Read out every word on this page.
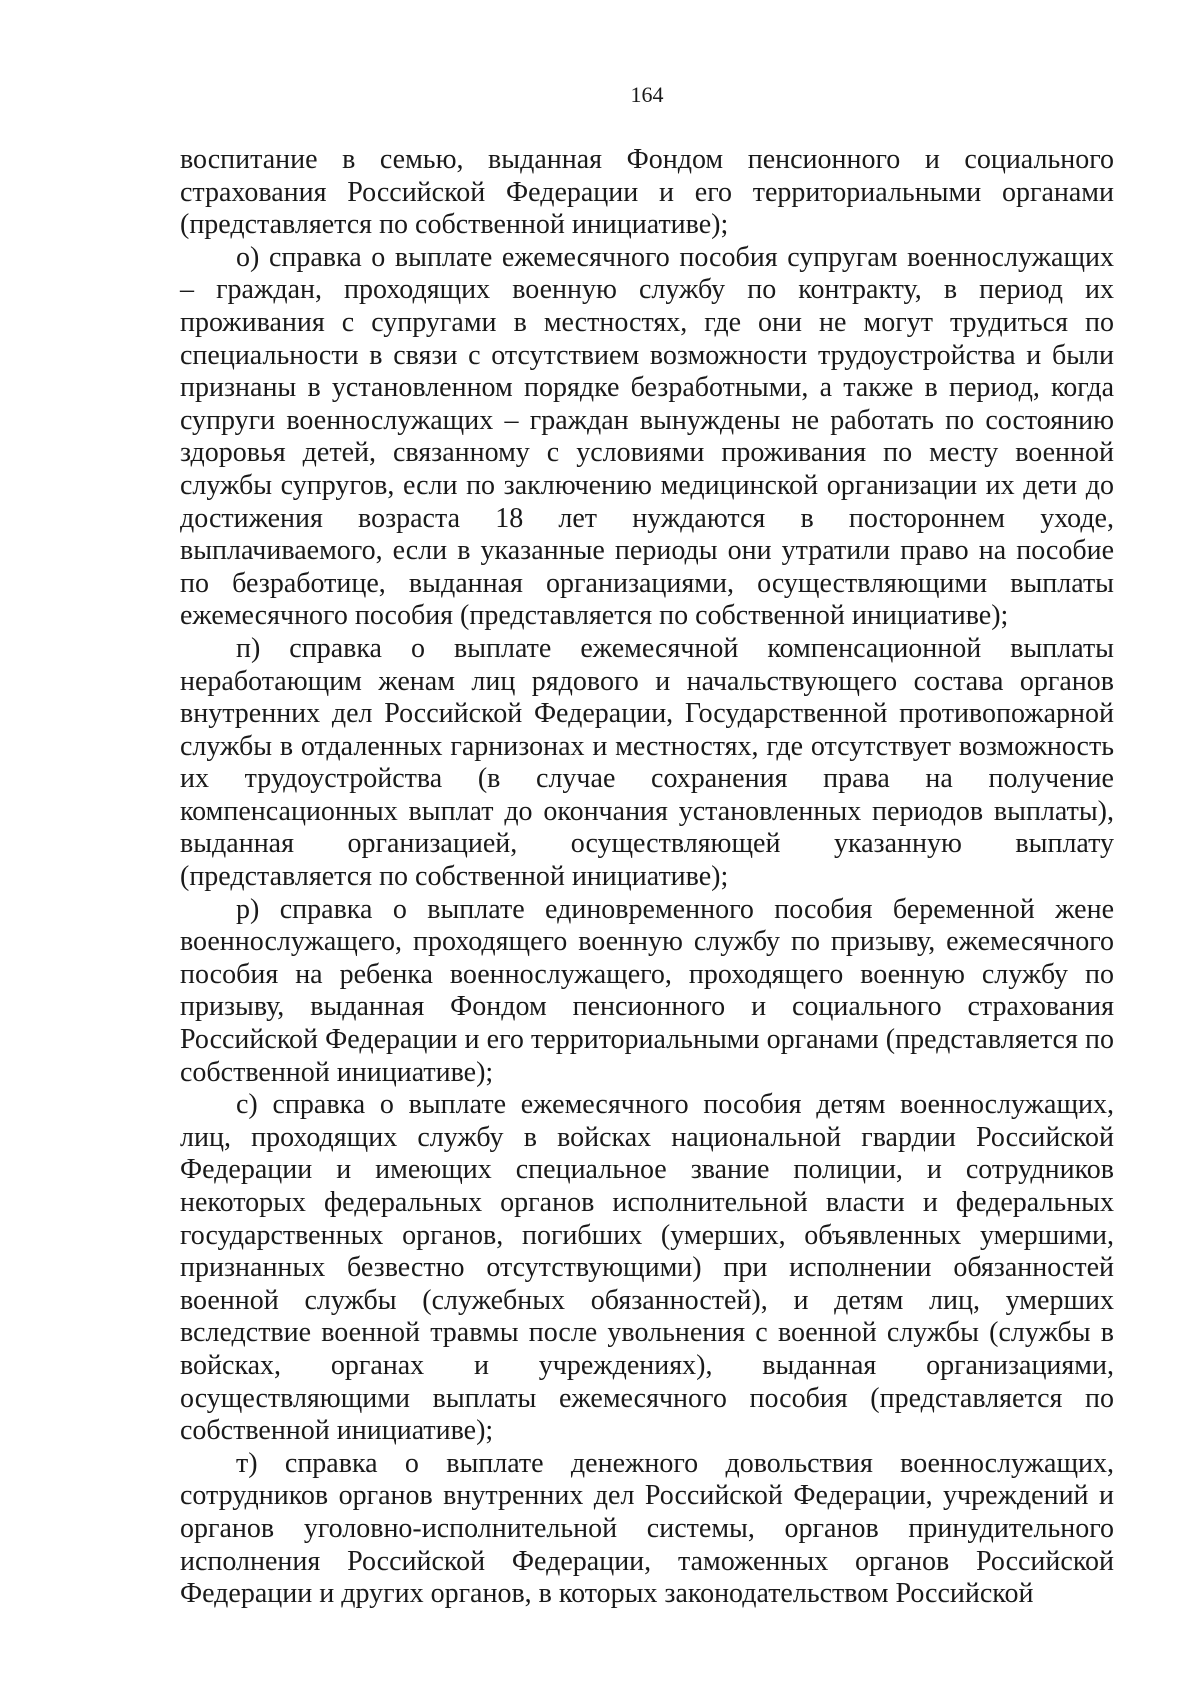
164

воспитание в семью, выданная Фондом пенсионного и социального страхования Российской Федерации и его территориальными органами (представляется по собственной инициативе);

о) справка о выплате ежемесячного пособия супругам военнослужащих – граждан, проходящих военную службу по контракту, в период их проживания с супругами в местностях, где они не могут трудиться по специальности в связи с отсутствием возможности трудоустройства и были признаны в установленном порядке безработными, а также в период, когда супруги военнослужащих – граждан вынуждены не работать по состоянию здоровья детей, связанному с условиями проживания по месту военной службы супругов, если по заключению медицинской организации их дети до достижения возраста 18 лет нуждаются в постороннем уходе, выплачиваемого, если в указанные периоды они утратили право на пособие по безработице, выданная организациями, осуществляющими выплаты ежемесячного пособия (представляется по собственной инициативе);

п) справка о выплате ежемесячной компенсационной выплаты неработающим женам лиц рядового и начальствующего состава органов внутренних дел Российской Федерации, Государственной противопожарной службы в отдаленных гарнизонах и местностях, где отсутствует возможность их трудоустройства (в случае сохранения права на получение компенсационных выплат до окончания установленных периодов выплаты), выданная организацией, осуществляющей указанную выплату (представляется по собственной инициативе);

р) справка о выплате единовременного пособия беременной жене военнослужащего, проходящего военную службу по призыву, ежемесячного пособия на ребенка военнослужащего, проходящего военную службу по призыву, выданная Фондом пенсионного и социального страхования Российской Федерации и его территориальными органами (представляется по собственной инициативе);

с) справка о выплате ежемесячного пособия детям военнослужащих, лиц, проходящих службу в войсках национальной гвардии Российской Федерации и имеющих специальное звание полиции, и сотрудников некоторых федеральных органов исполнительной власти и федеральных государственных органов, погибших (умерших, объявленных умершими, признанных безвестно отсутствующими) при исполнении обязанностей военной службы (служебных обязанностей), и детям лиц, умерших вследствие военной травмы после увольнения с военной службы (службы в войсках, органах и учреждениях), выданная организациями, осуществляющими выплаты ежемесячного пособия (представляется по собственной инициативе);

т) справка о выплате денежного довольствия военнослужащих, сотрудников органов внутренних дел Российской Федерации, учреждений и органов уголовно-исполнительной системы, органов принудительного исполнения Российской Федерации, таможенных органов Российской Федерации и других органов, в которых законодательством Российской
